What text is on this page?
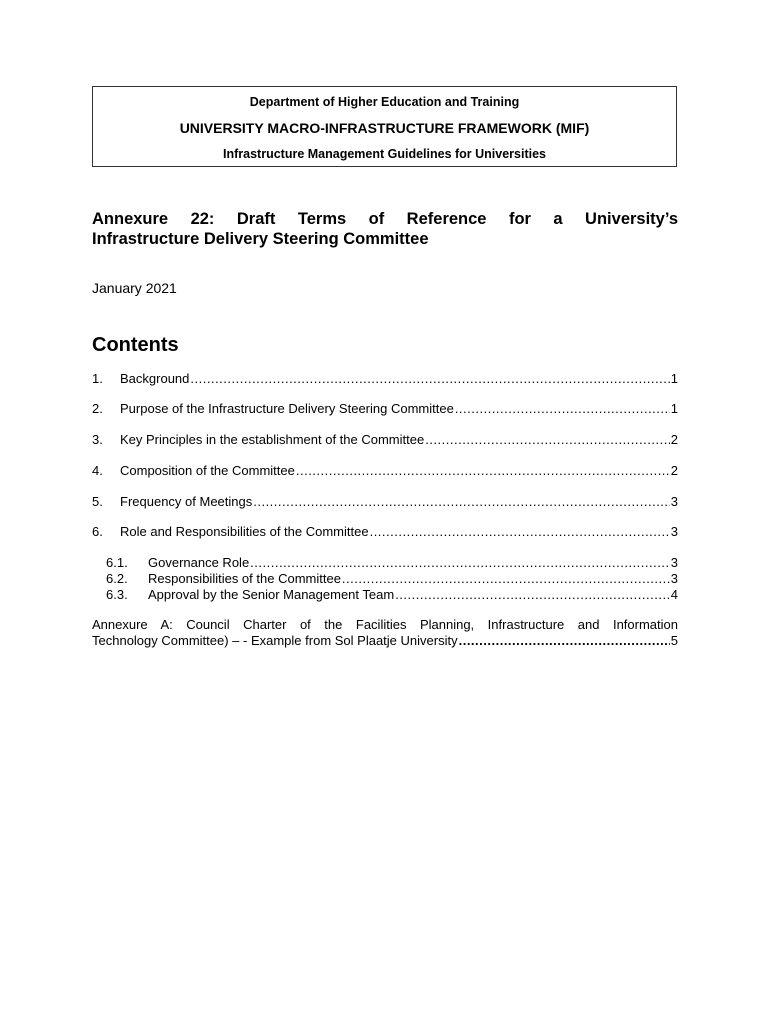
Department of Higher Education and Training
UNIVERSITY MACRO-INFRASTRUCTURE FRAMEWORK (MIF)
Infrastructure Management Guidelines for Universities
Annexure 22: Draft Terms of Reference for a University’s
Infrastructure Delivery Steering Committee
January 2021
Contents
1.	Background .....	1
2.	Purpose of the Infrastructure Delivery Steering Committee .....	1
3.	Key Principles in the establishment of the Committee .....	2
4.	Composition of the Committee .....	2
5.	Frequency of Meetings .....	3
6.	Role and Responsibilities of the Committee .....	3
6.1.	Governance Role .....	3
6.2.	Responsibilities of the Committee .....	3
6.3.	Approval by the Senior Management Team .....	4
Annexure A: Council Charter of the Facilities Planning, Infrastructure and Information
Technology Committee) – - Example from Sol Plaatje University .....	5
